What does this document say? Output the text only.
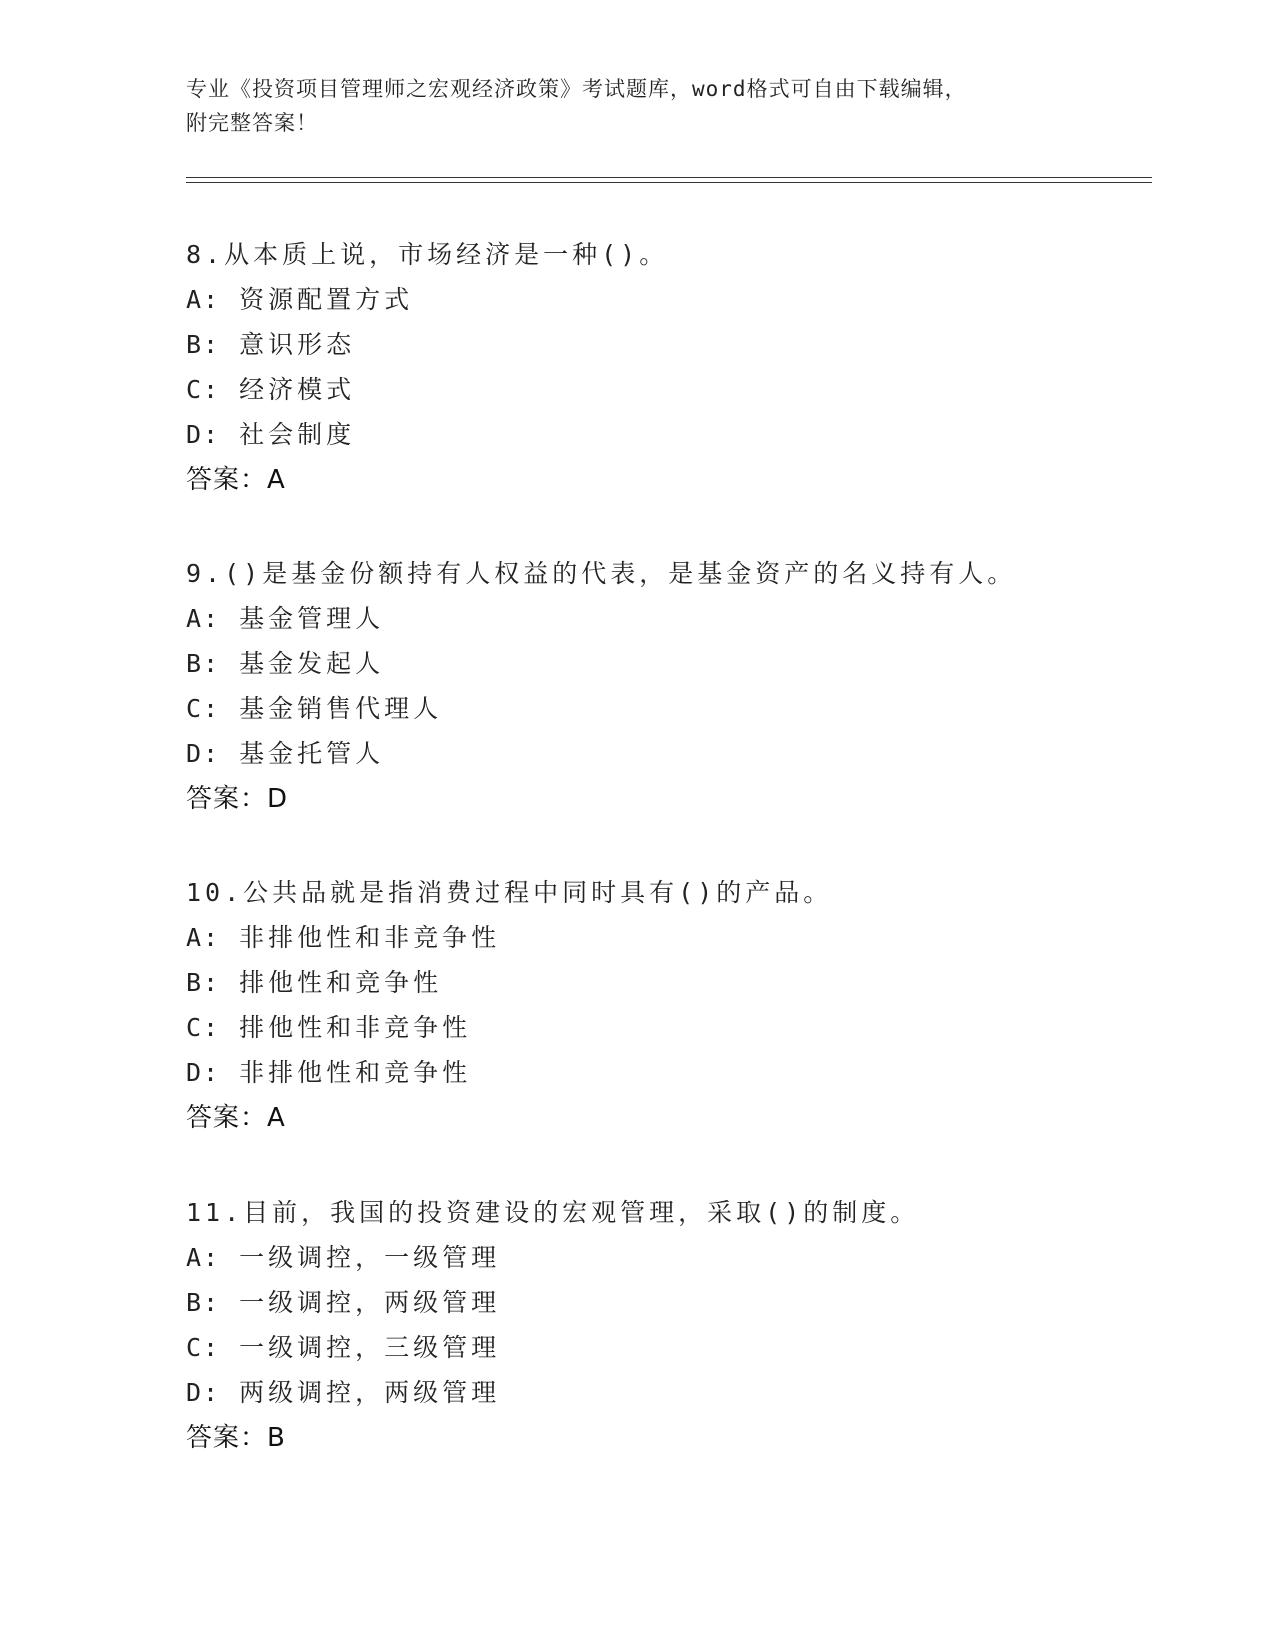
专业《投资项目管理师之宏观经济政策》考试题库，word格式可自由下载编辑，
附完整答案！
8.从本质上说，市场经济是一种()。
A: 资源配置方式
B: 意识形态
C: 经济模式
D: 社会制度
答案：A
9.()是基金份额持有人权益的代表，是基金资产的名义持有人。
A: 基金管理人
B: 基金发起人
C: 基金销售代理人
D: 基金托管人
答案：D
10.公共品就是指消费过程中同时具有()的产品。
A: 非排他性和非竞争性
B: 排他性和竞争性
C: 排他性和非竞争性
D: 非排他性和竞争性
答案：A
11.目前，我国的投资建设的宏观管理，采取()的制度。
A: 一级调控，一级管理
B: 一级调控，两级管理
C: 一级调控，三级管理
D: 两级调控，两级管理
答案：B
